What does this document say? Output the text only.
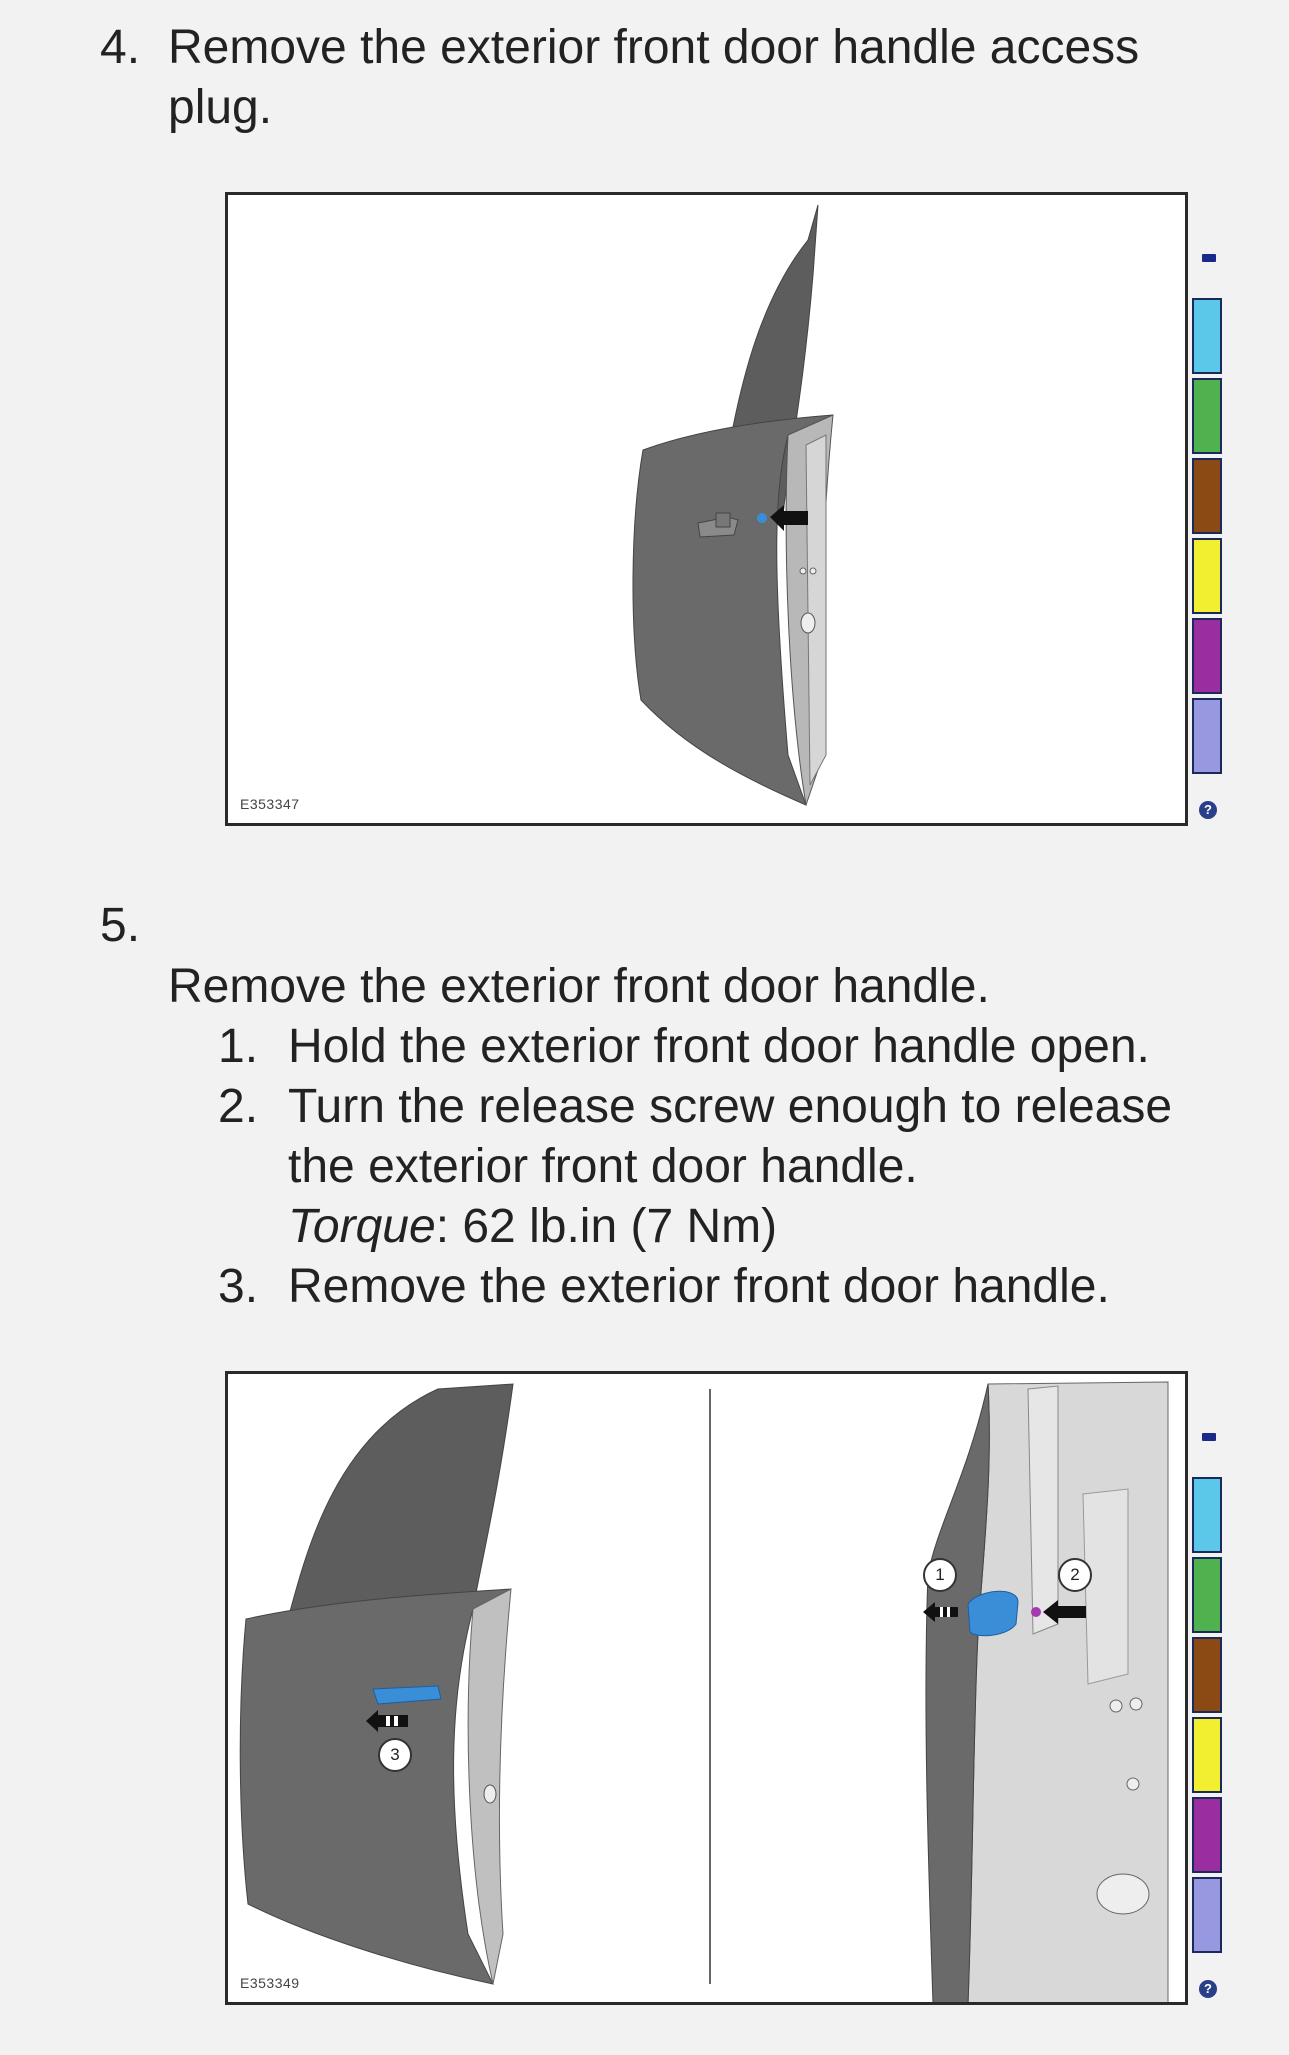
4. Remove the exterior front door handle access
plug.
E353347	?
5.
Remove the exterior front door handle.
1. Hold the exterior front door handle open.
2. Turn the release screw enough to release
the exterior front door handle.
Torque: 62 lb.in (7 Nm)
3. Remove the exterior front door handle.
3
1	2
E353349	?
